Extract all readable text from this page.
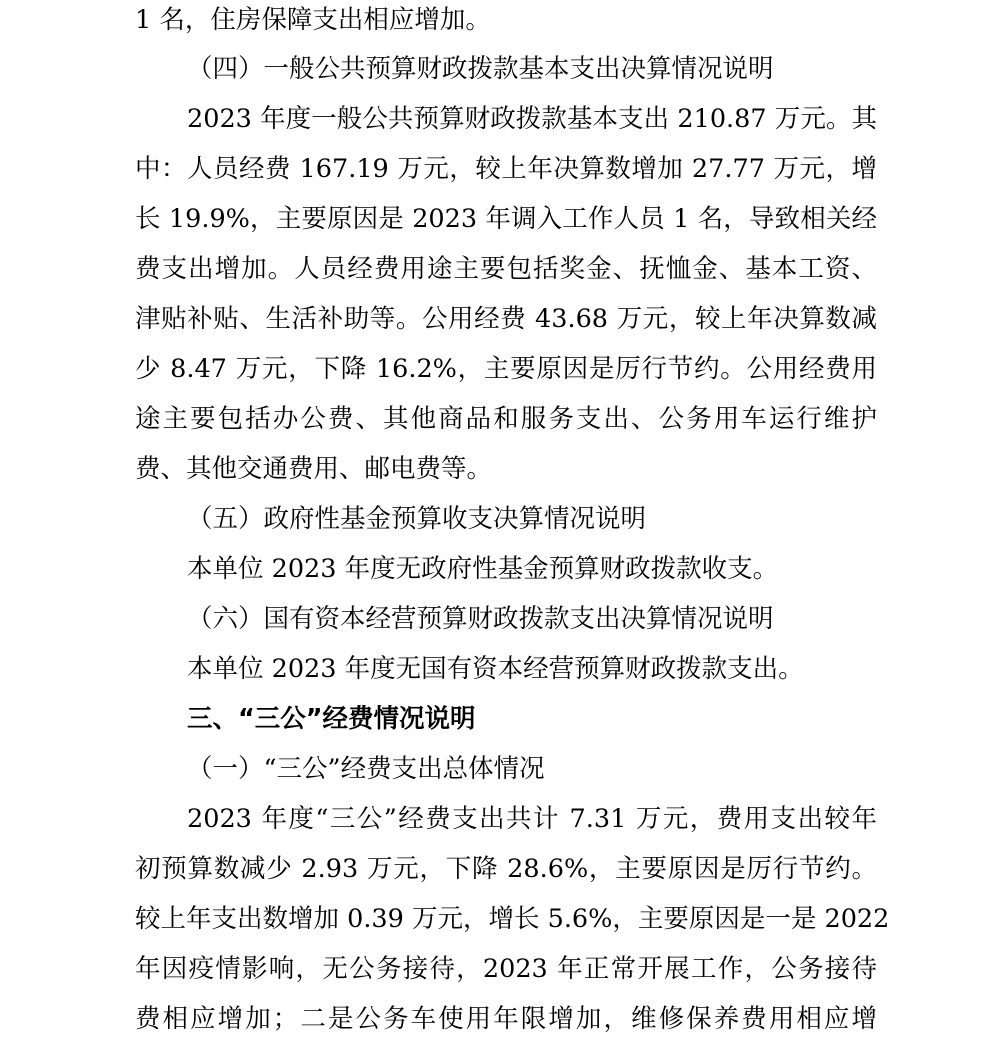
1 名，住房保障支出相应增加。
（四）一般公共预算财政拨款基本支出决算情况说明
2023 年度一般公共预算财政拨款基本支出 210.87 万元。其
中：人员经费 167.19 万元，较上年决算数增加 27.77 万元，增
长 19.9%，主要原因是 2023 年调入工作人员 1 名，导致相关经
费支出增加。人员经费用途主要包括奖金、抚恤金、基本工资、
津贴补贴、生活补助等。公用经费 43.68 万元，较上年决算数减
少 8.47 万元，下降 16.2%，主要原因是厉行节约。公用经费用
途主要包括办公费、其他商品和服务支出、公务用车运行维护
费、其他交通费用、邮电费等。
（五）政府性基金预算收支决算情况说明
本单位 2023 年度无政府性基金预算财政拨款收支。
（六）国有资本经营预算财政拨款支出决算情况说明
本单位 2023 年度无国有资本经营预算财政拨款支出。
三、“三公”经费情况说明
（一）“三公”经费支出总体情况
2023 年度“三公”经费支出共计 7.31 万元，费用支出较年
初预算数减少 2.93 万元，下降 28.6%，主要原因是厉行节约。
较上年支出数增加 0.39 万元，增长 5.6%，主要原因是一是 2022
年因疫情影响，无公务接待，2023 年正常开展工作，公务接待
费相应增加；二是公务车使用年限增加，维修保养费用相应增
